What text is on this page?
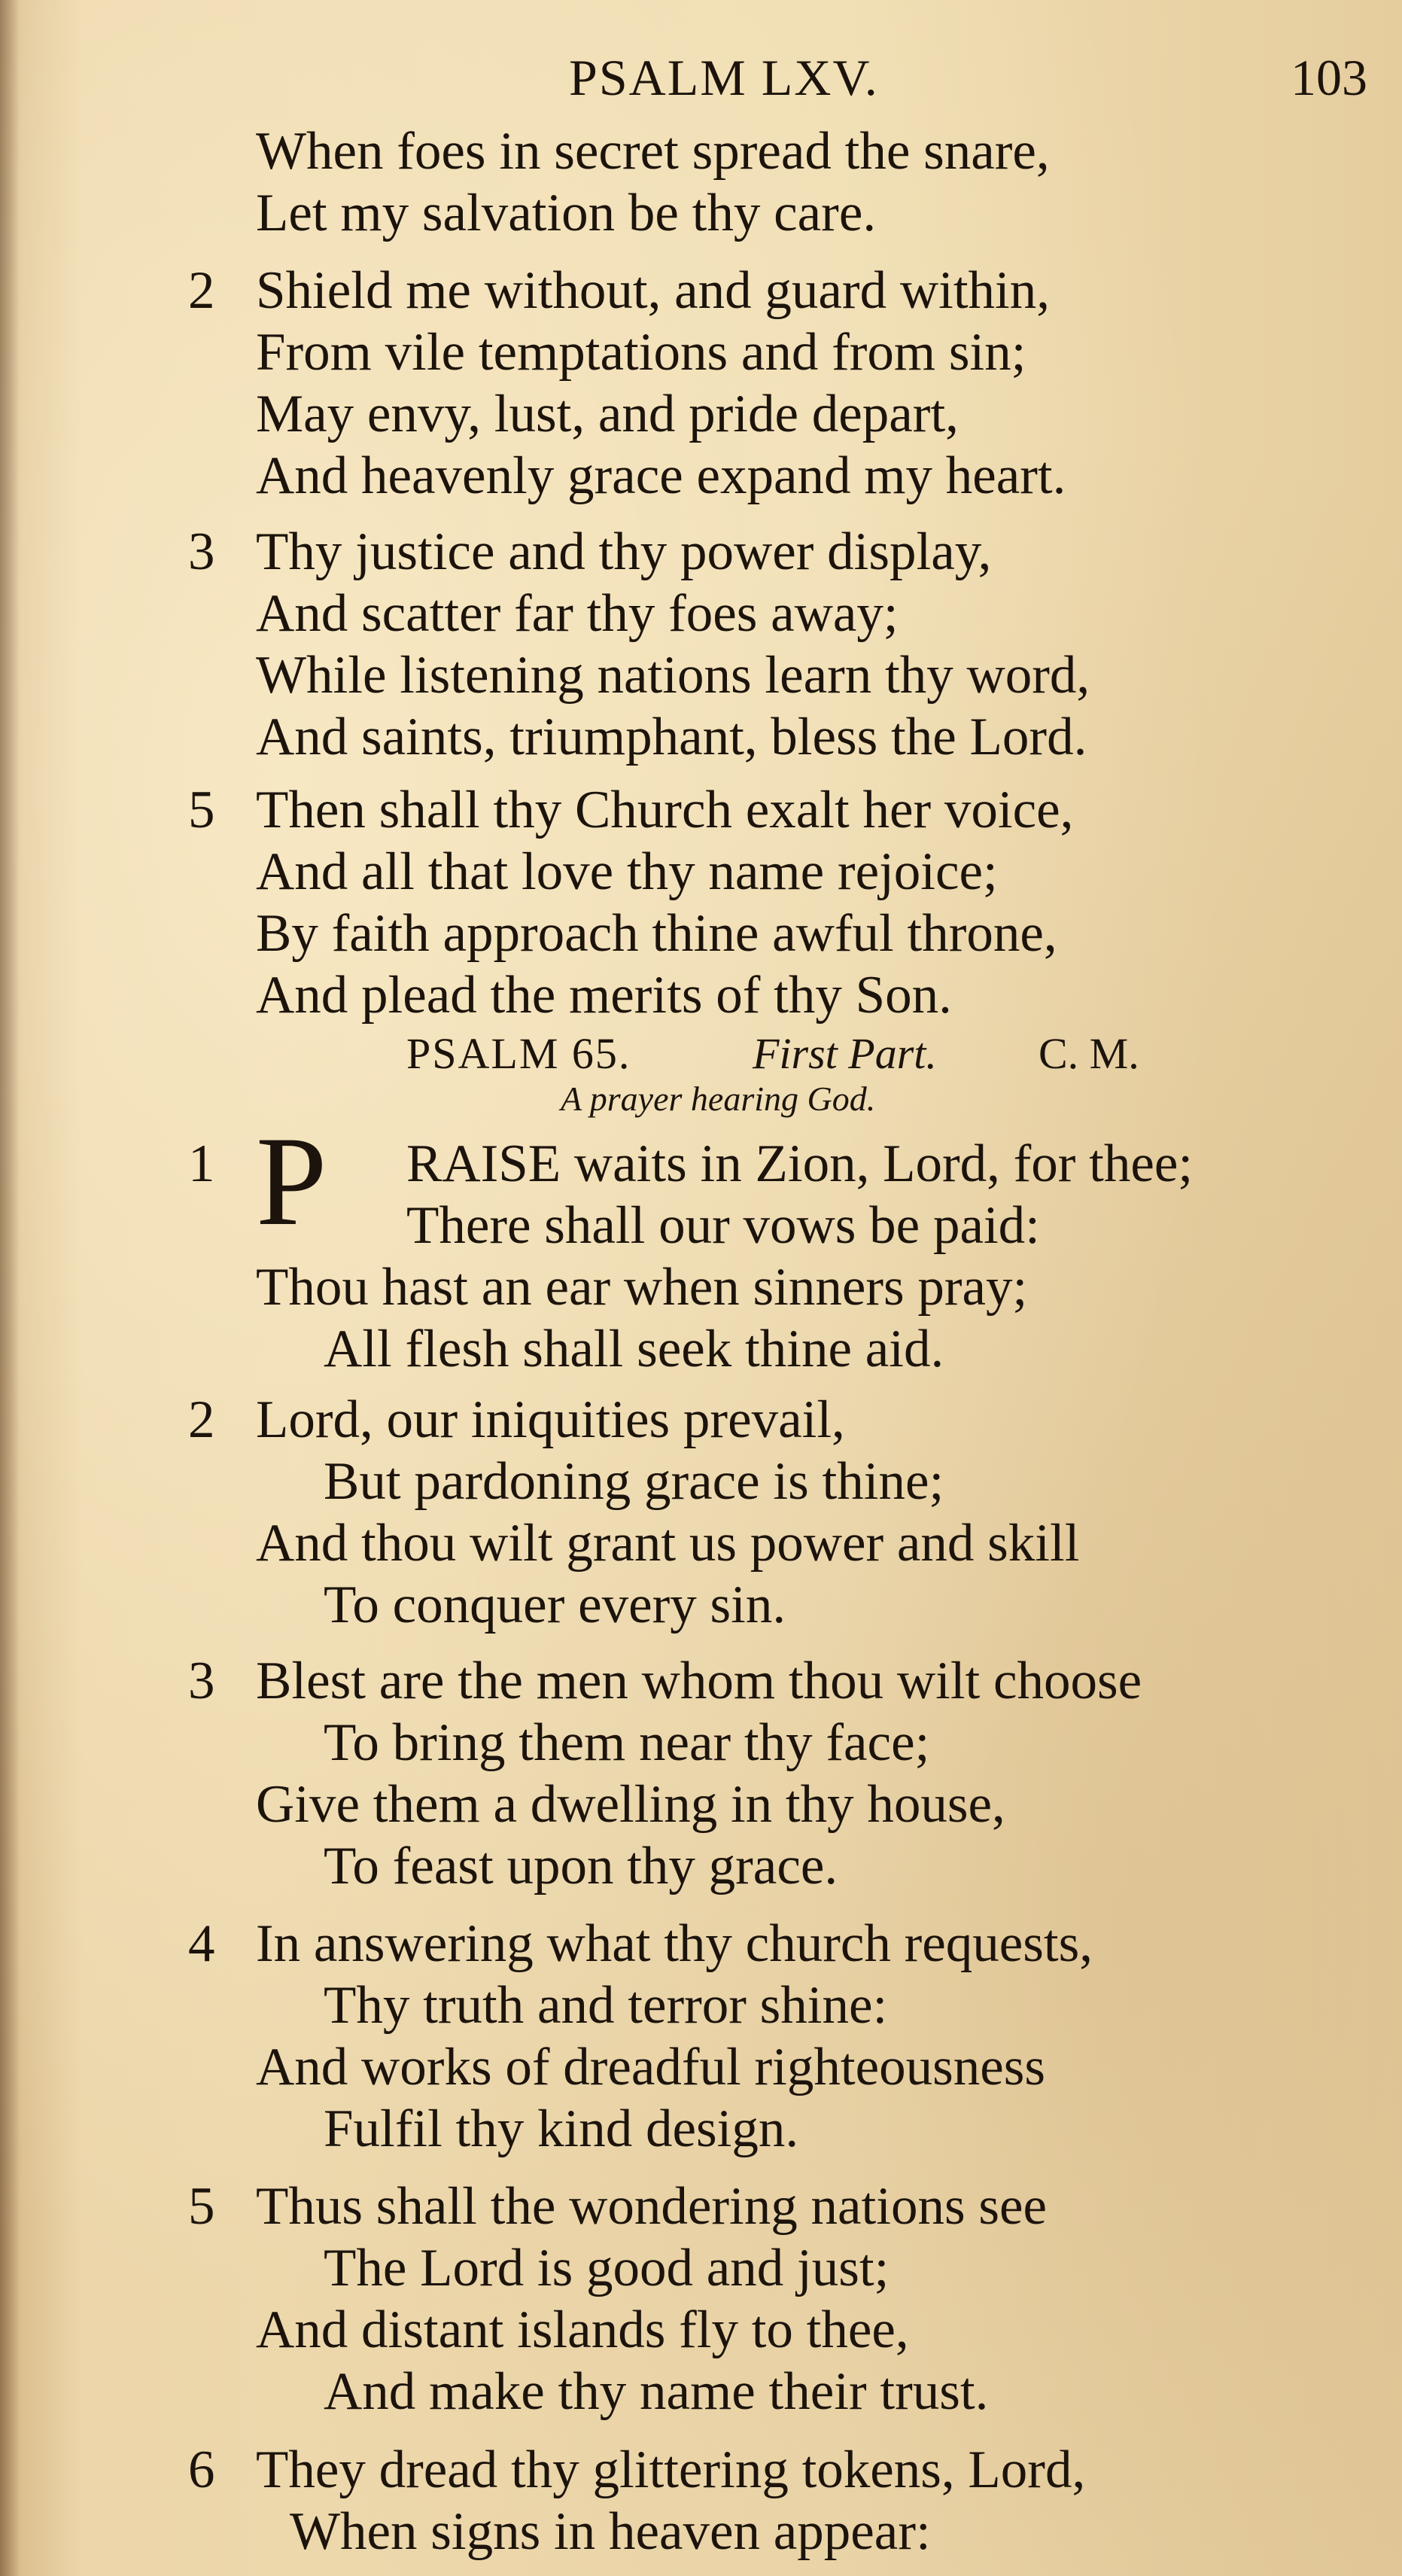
PSALM LXV.	103
When foes in secret spread the snare,
Let my salvation be thy care.
2 Shield me without, and guard within,
From vile temptations and from sin;
May envy, lust, and pride depart,
And heavenly grace expand my heart.
3 Thy justice and thy power display,
And scatter far thy foes away;
While listening nations learn thy word,
And saints, triumphant, bless the Lord.
5 Then shall thy Church exalt her voice,
And all that love thy name rejoice;
By faith approach thine awful throne,
And plead the merits of thy Son.
PSALM 65.	First Part. C. M.
A prayer hearing God.
1	RAISE waits in Zion, Lord, for thee;
P There shall our vows be paid:
Thou hast an ear when sinners pray;
All flesh shall seek thine aid.
2 Lord, our iniquities prevail,
But pardoning grace is thine;
And thou wilt grant us power and skill
To conquer every sin.
3 Blest are the men whom thou wilt choose
To bring them near thy face;
Give them a dwelling in thy house,
To feast upon thy grace.
4 In answering what thy church requests,
Thy truth and terror shine:
And works of dreadful righteousness
Fulfil thy kind design.
5 Thus shall the wondering nations see
The Lord is good and just;
And distant islands fly to thee,
And make thy name their trust.
6 They dread thy glittering tokens, Lord,
When signs in heaven appear:
